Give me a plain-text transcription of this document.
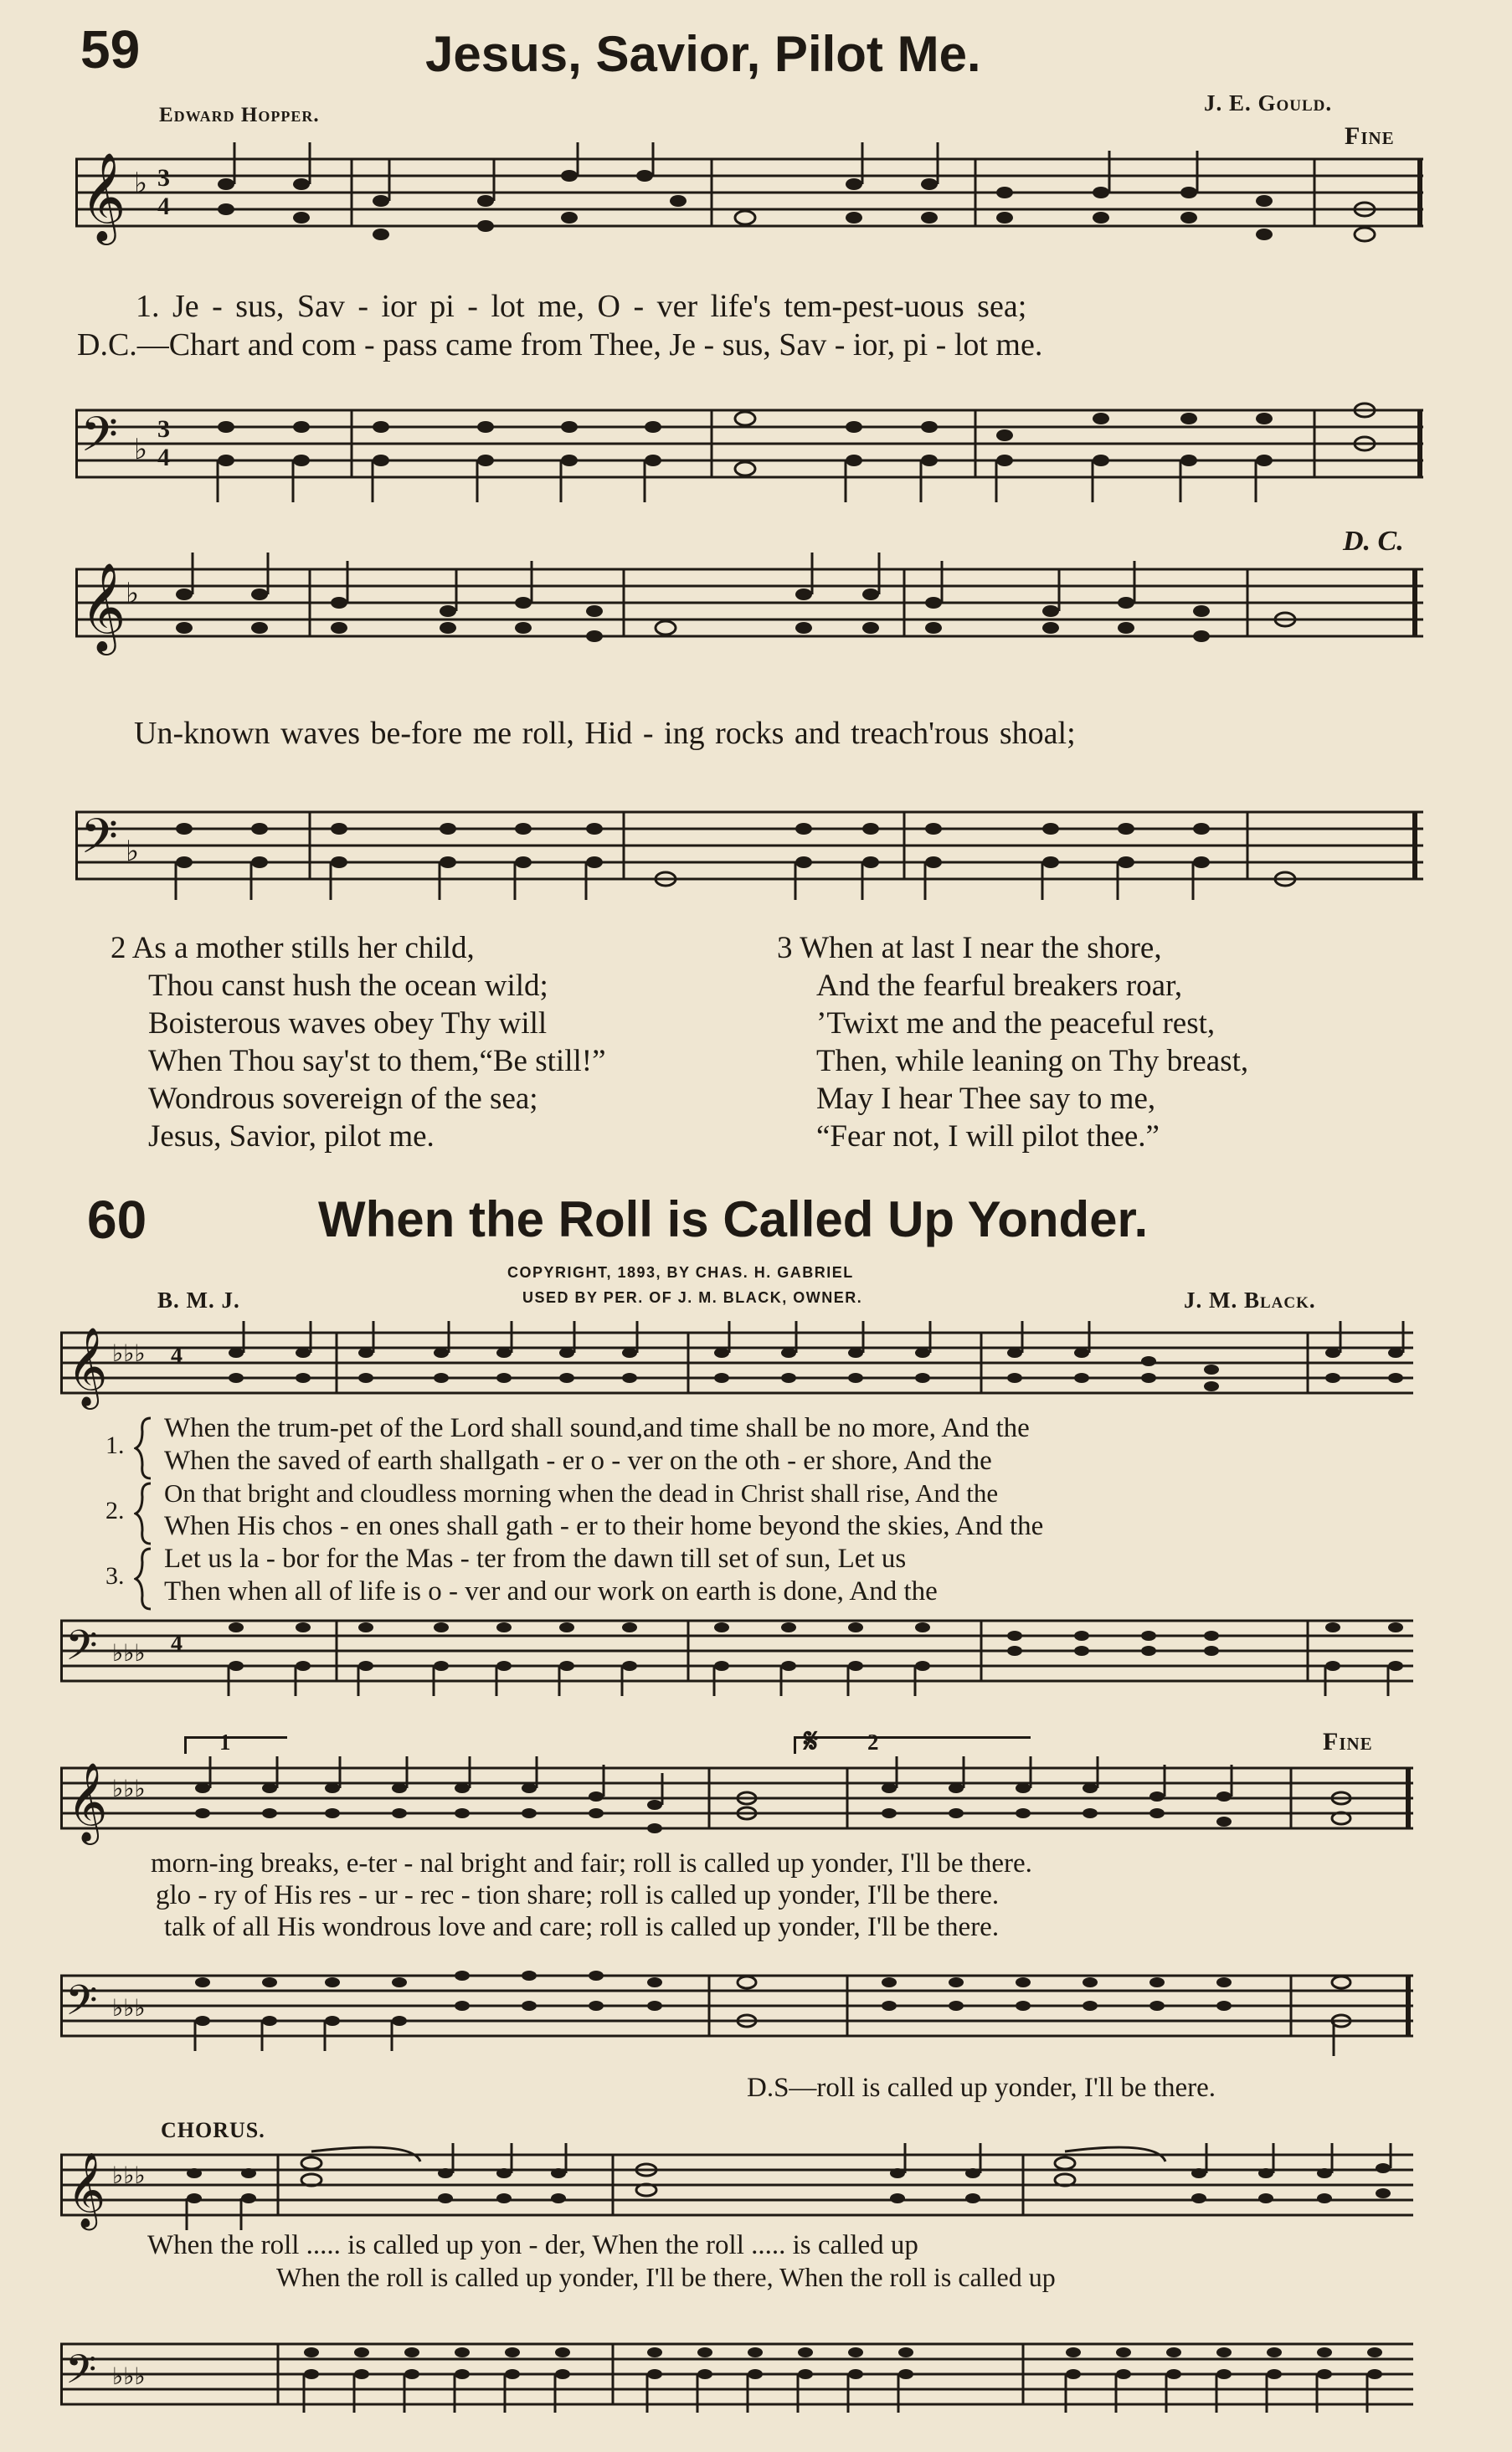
59	Jesus, Savior, Pilot Me.
Edward Hopper.	J. E. Gould.
Fine
𝄞 ♭ 3
4
1. Je - sus, Sav - ior pi - lot me, O - ver life's tem-pest-uous sea;
D.C.—Chart and com - pass came from Thee, Je - sus, Sav - ior, pi - lot me.
𝄢 ♭
3
4
D. C.
𝄞 ♭
Un-known waves be-fore me roll, Hid - ing rocks and treach'rous shoal;
𝄢 ♭
2 As a mother stills her child,
Thou canst hush the ocean wild;
Boisterous waves obey Thy will
When Thou say'st to them,“Be still!”
Wondrous sovereign of the sea;
Jesus, Savior, pilot me.
3 When at last I near the shore,
And the fearful breakers roar,
’Twixt me and the peaceful rest,
Then, while leaning on Thy breast,
May I hear Thee say to me,
“Fear not, I will pilot thee.”
60	When the Roll is Called Up Yonder.
COPYRIGHT, 1893, BY CHAS. H. GABRIEL
USED BY PER. OF J. M. BLACK, OWNER.
B. M. J.	J. M. Black.
𝄞 ♭♭♭ 4
1.
2.
3.
When the trum-pet of the Lord shall sound,and time shall be no more, And the
When the saved of earth shallgath - er o - ver on the oth - er shore, And the
On that bright and cloudless morning when the dead in Christ shall rise, And the
When His chos - en ones shall gath - er to their home beyond the skies, And the
Let us la - bor for the Mas - ter from the dawn till set of sun, Let us
Then when all of life is o - ver and our work on earth is done, And the
𝄢 ♭♭♭ 4
1	2
𝄋	Fine
𝄞 ♭♭♭
morn-ing breaks, e-ter - nal bright and fair; roll is called up yonder, I'll be there.
glo - ry of His res - ur - rec - tion share; roll is called up yonder, I'll be there.
talk of all His wondrous love and care; roll is called up yonder, I'll be there.
𝄢 ♭♭♭
D.S—roll is called up yonder, I'll be there.
CHORUS.
𝄞 ♭♭♭
When the roll ..... is called up yon - der, When the roll ..... is called up
When the roll is called up yonder, I'll be there, When the roll is called up
𝄢 ♭♭♭
